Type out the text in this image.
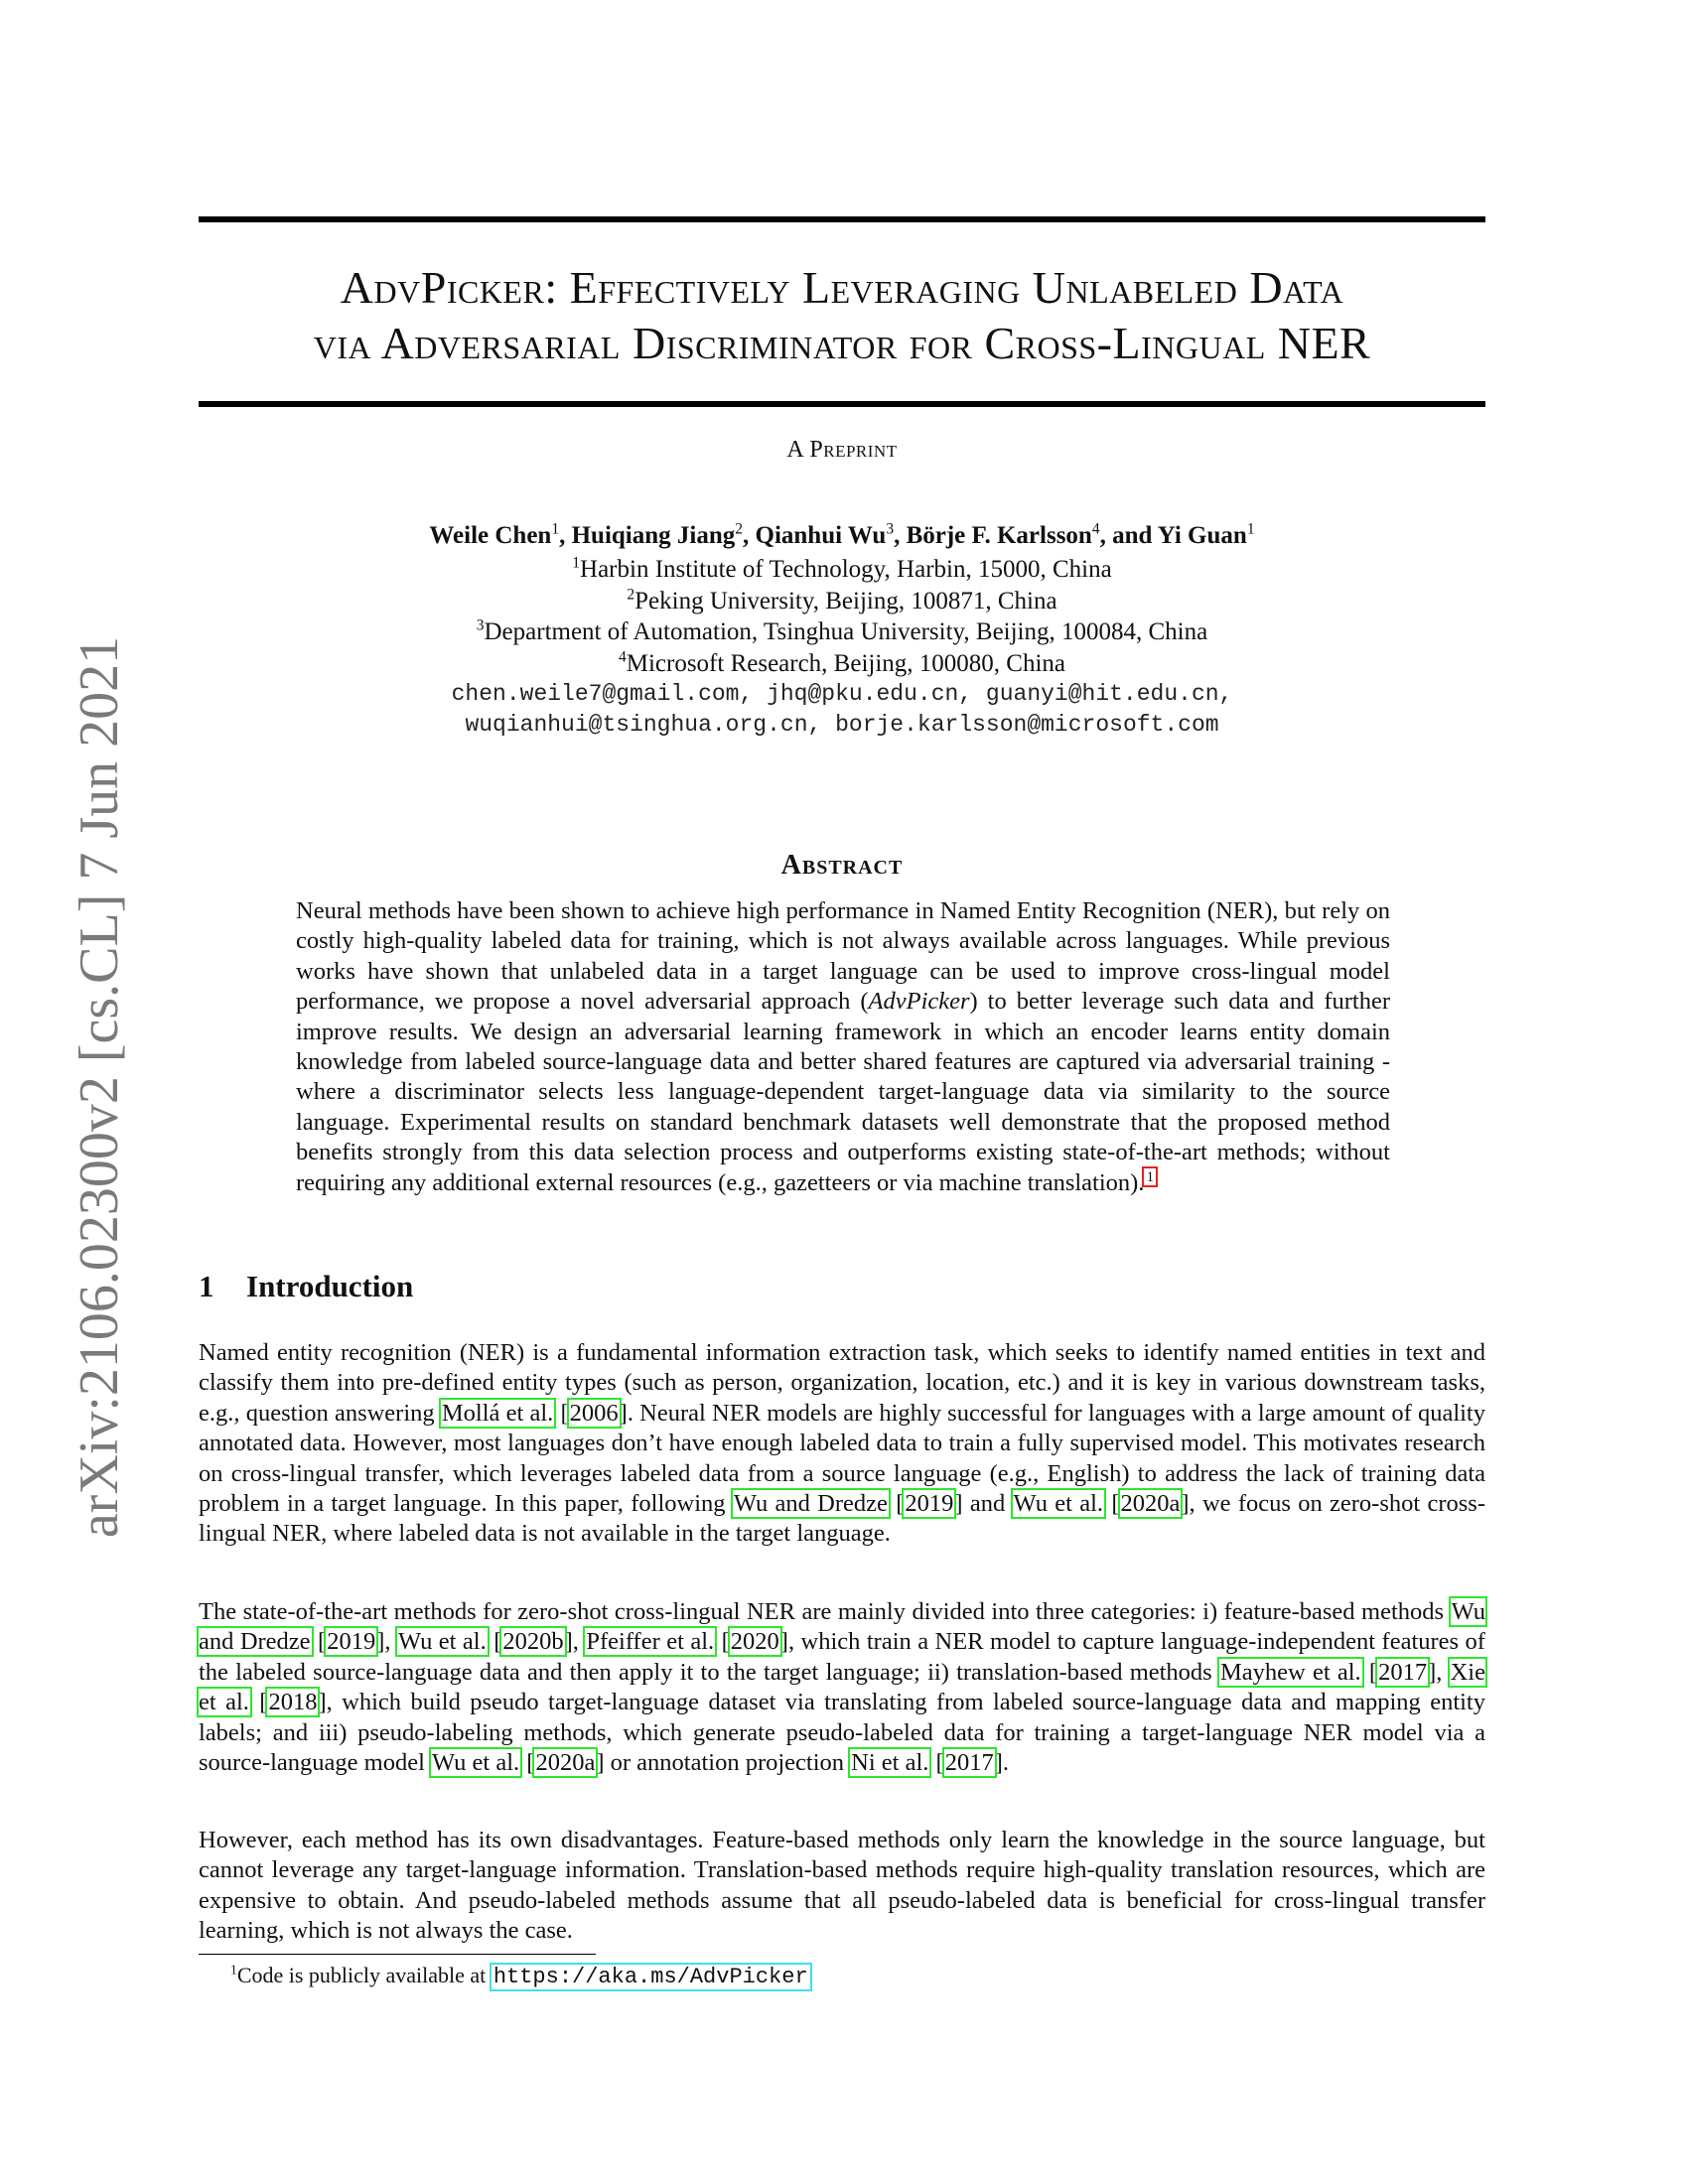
arXiv:2106.02300v2 [cs.CL] 7 Jun 2021
AdvPicker: Effectively Leveraging Unlabeled Data
via Adversarial Discriminator for Cross-Lingual NER
A Preprint
Weile Chen$^1$, Huiqiang Jiang$^2$, Qianhui Wu$^3$, Börje F. Karlsson$^4$, and Yi Guan$^1$
$^1$Harbin Institute of Technology, Harbin, 15000, China
$^2$Peking University, Beijing, 100871, China
$^3$Department of Automation, Tsinghua University, Beijing, 100084, China
$^4$Microsoft Research, Beijing, 100080, China
chen.weile7@gmail.com, jhq@pku.edu.cn, guanyi@hit.edu.cn,
wuqianhui@tsinghua.org.cn, borje.karlsson@microsoft.com
Abstract
Neural methods have been shown to achieve high performance in Named Entity Recognition (NER), but rely on costly high-quality labeled data for training, which is not always available across languages. While previous works have shown that unlabeled data in a target language can be used to improve cross-lingual model performance, we propose a novel adversarial approach (AdvPicker) to better leverage such data and further improve results. We design an adversarial learning framework in which an encoder learns entity domain knowledge from labeled source-language data and better shared features are captured via adversarial training - where a discriminator selects less language-dependent target-language data via similarity to the source language. Experimental results on standard benchmark datasets well demonstrate that the proposed method benefits strongly from this data selection process and outperforms existing state-of-the-art methods; without requiring any additional external resources (e.g., gazetteers or via machine translation). $^1$
1 Introduction
Named entity recognition (NER) is a fundamental information extraction task, which seeks to identify named entities in text and classify them into pre-defined entity types (such as person, organization, location, etc.) and it is key in various downstream tasks, e.g., question answering Mollá et al. [2006]. Neural NER models are highly successful for languages with a large amount of quality annotated data. However, most languages don’t have enough labeled data to train a fully supervised model. This motivates research on cross-lingual transfer, which leverages labeled data from a source language (e.g., English) to address the lack of training data problem in a target language. In this paper, following Wu and Dredze [2019] and Wu et al. [2020a], we focus on zero-shot cross-lingual NER, where labeled data is not available in the target language.
The state-of-the-art methods for zero-shot cross-lingual NER are mainly divided into three categories: i) feature-based methods Wu and Dredze [2019], Wu et al. [2020b], Pfeiffer et al. [2020], which train a NER model to capture language-independent features of the labeled source-language data and then apply it to the target language; ii) translation-based methods Mayhew et al. [2017], Xie et al. [2018], which build pseudo target-language dataset via translating from labeled source-language data and mapping entity labels; and iii) pseudo-labeling methods, which generate pseudo-labeled data for training a target-language NER model via a source-language model Wu et al. [2020a] or annotation projection Ni et al. [2017].
However, each method has its own disadvantages. Feature-based methods only learn the knowledge in the source language, but cannot leverage any target-language information. Translation-based methods require high-quality translation resources, which are expensive to obtain. And pseudo-labeled methods assume that all pseudo-labeled data is beneficial for cross-lingual transfer learning, which is not always the case.
$^1$Code is publicly available at https://aka.ms/AdvPicker
